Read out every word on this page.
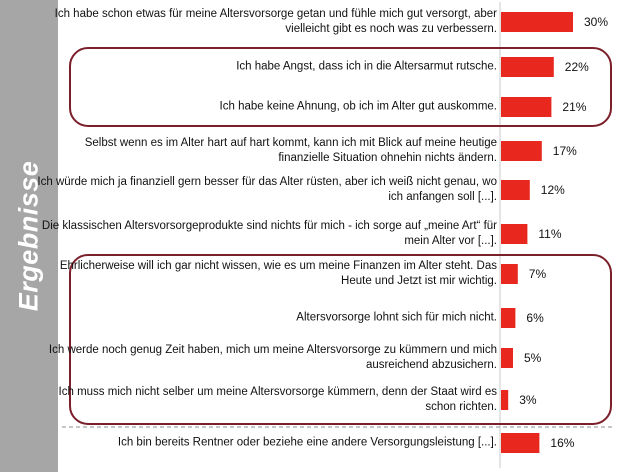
Ergebnisse
30%
Ich habe schon etwas für meine Altersvorsorge getan und fühle mich gut versorgt, aber vielleicht gibt es noch was zu verbessern.
22%
Ich habe Angst, dass ich in die Altersarmut rutsche.
21%
Ich habe keine Ahnung, ob ich im Alter gut auskomme.
17%
Selbst wenn es im Alter hart auf hart kommt, kann ich mit Blick auf meine heutige finanzielle Situation ohnehin nichts ändern.
12%
Ich würde mich ja finanziell gern besser für das Alter rüsten, aber ich weiß nicht genau, wo ich anfangen soll [...].
11%
Die klassischen Altersvorsorgeprodukte sind nichts für mich - ich sorge auf „meine Art“ für mein Alter vor [...].
7%
Ehrlicherweise will ich gar nicht wissen, wie es um meine Finanzen im Alter steht. Das Heute und Jetzt ist mir wichtig.
6%
Altersvorsorge lohnt sich für mich nicht.
5%
Ich werde noch genug Zeit haben, mich um meine Altersvorsorge zu kümmern und mich ausreichend abzusichern.
3%
Ich muss mich nicht selber um meine Altersvorsorge kümmern, denn der Staat wird es schon richten.
16%
Ich bin bereits Rentner oder beziehe eine andere Versorgungsleistung [...].
